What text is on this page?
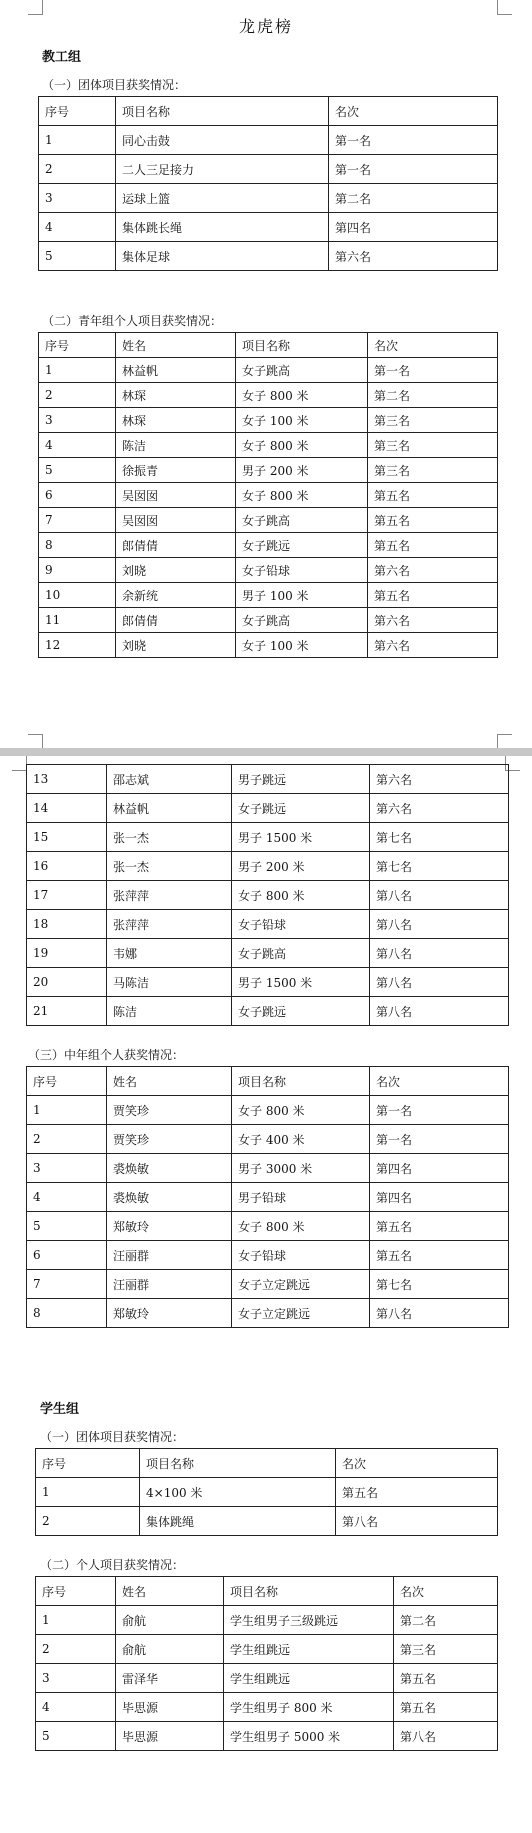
龙虎榜
教工组
（一）团体项目获奖情况：
序号	项目名称	名次
1	同心击鼓	第一名
2	二人三足接力	第一名
3	运球上篮	第二名
4	集体跳长绳	第四名
5	集体足球	第六名
（二）青年组个人项目获奖情况：
序号	姓名	项目名称	名次
1	林益帆	女子跳高	第一名
2	林琛	女子 800 米	第二名
3	林琛	女子 100 米	第三名
4	陈洁	女子 800 米	第三名
5	徐振青	男子 200 米	第三名
6	吴囡囡	女子 800 米	第五名
7	吴囡囡	女子跳高	第五名
8	郎倩倩	女子跳远	第五名
9	刘晓	女子铅球	第六名
10	余新统	男子 100 米	第五名
11	郎倩倩	女子跳高	第六名
12	刘晓	女子 100 米	第六名
13	邵志斌	男子跳远	第六名
14	林益帆	女子跳远	第六名
15	张一杰	男子 1500 米	第七名
16	张一杰	男子 200 米	第七名
17	张萍萍	女子 800 米	第八名
18	张萍萍	女子铅球	第八名
19	韦娜	女子跳高	第八名
20	马陈洁	男子 1500 米	第八名
21	陈洁	女子跳远	第八名
（三）中年组个人获奖情况：
序号	姓名	项目名称	名次
1	贾笑珍	女子 800 米	第一名
2	贾笑珍	女子 400 米	第一名
3	裘焕敏	男子 3000 米	第四名
4	裘焕敏	男子铅球	第四名
5	郑敏玲	女子 800 米	第五名
6	汪丽群	女子铅球	第五名
7	汪丽群	女子立定跳远	第七名
8	郑敏玲	女子立定跳远	第八名
学生组
（一）团体项目获奖情况：
序号	项目名称	名次
1	4×100 米	第五名
2	集体跳绳	第八名
（二）个人项目获奖情况：
序号	姓名	项目名称	名次
1	俞航	学生组男子三级跳远	第二名
2	俞航	学生组跳远	第三名
3	雷泽华	学生组跳远	第五名
4	毕思源	学生组男子 800 米	第五名
5	毕思源	学生组男子 5000 米	第八名
